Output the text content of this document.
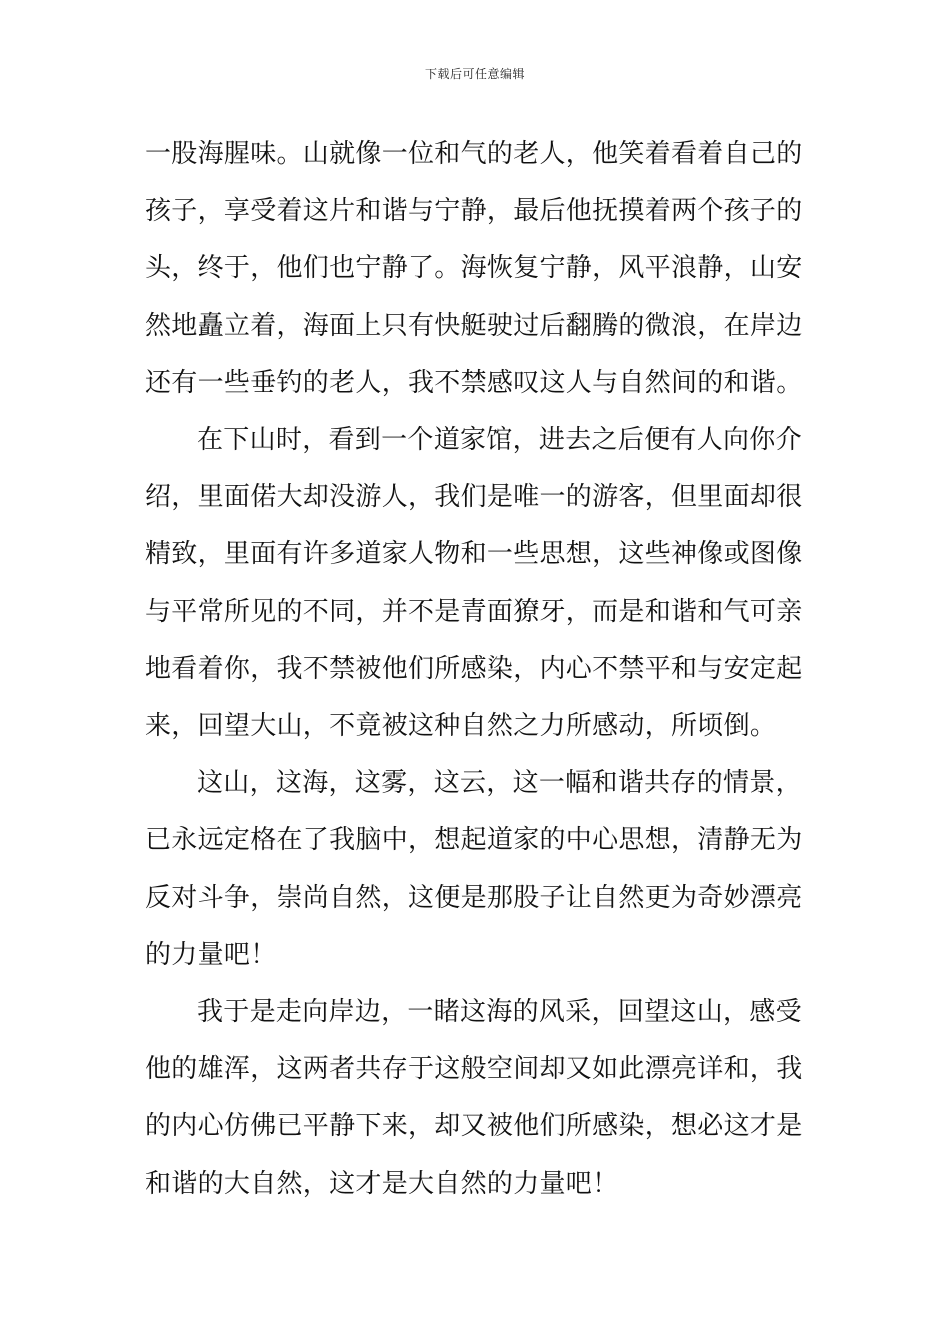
下载后可任意编辑
一股海腥味。山就像一位和气的老人，他笑着看着自己的
孩子，享受着这片和谐与宁静，最后他抚摸着两个孩子的
头，终于，他们也宁静了。海恢复宁静，风平浪静，山安
然地矗立着，海面上只有快艇驶过后翻腾的微浪，在岸边
还有一些垂钓的老人，我不禁感叹这人与自然间的和谐。
在下山时，看到一个道家馆，进去之后便有人向你介
绍，里面偌大却没游人，我们是唯一的游客，但里面却很
精致，里面有许多道家人物和一些思想，这些神像或图像
与平常所见的不同，并不是青面獠牙，而是和谐和气可亲
地看着你，我不禁被他们所感染，内心不禁平和与安定起
来，回望大山，不竟被这种自然之力所感动，所顷倒。
这山，这海，这雾，这云，这一幅和谐共存的情景，
已永远定格在了我脑中，想起道家的中心思想，清静无为
反对斗争，崇尚自然，这便是那股子让自然更为奇妙漂亮
的力量吧！
我于是走向岸边，一睹这海的风采，回望这山，感受
他的雄浑，这两者共存于这般空间却又如此漂亮详和，我
的内心仿佛已平静下来，却又被他们所感染，想必这才是
和谐的大自然，这才是大自然的力量吧！
